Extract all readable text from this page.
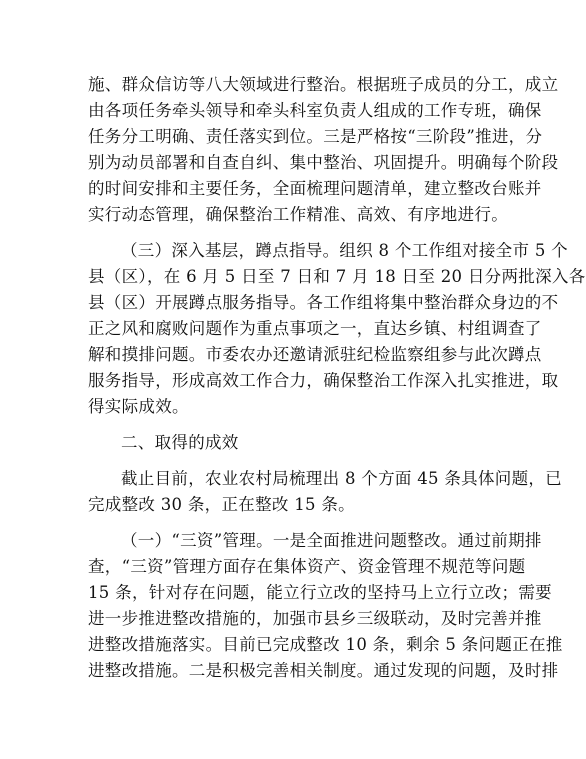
施、群众信访等八大领域进行整治。根据班子成员的分工，成立

由各项任务牵头领导和牵头科室负责人组成的工作专班，确保

任务分工明确、责任落实到位。三是严格按“三阶段”推进，分

别为动员部署和自查自纠、集中整治、巩固提升。明确每个阶段

的时间安排和主要任务，全面梳理问题清单，建立整改台账并

实行动态管理，确保整治工作精准、高效、有序地进行。

（三）深入基层，蹲点指导。组织 8 个工作组对接全市 5 个

县（区），在 6 月 5 日至 7 日和 7 月 18 日至 20 日分两批深入各

县（区）开展蹲点服务指导。各工作组将集中整治群众身边的不

正之风和腐败问题作为重点事项之一，直达乡镇、村组调查了

解和摸排问题。市委农办还邀请派驻纪检监察组参与此次蹲点

服务指导，形成高效工作合力，确保整治工作深入扎实推进，取

得实际成效。

二、取得的成效

截止目前，农业农村局梳理出 8 个方面 45 条具体问题，已

完成整改 30 条，正在整改 15 条。

（一）“三资”管理。一是全面推进问题整改。通过前期排

查，“三资”管理方面存在集体资产、资金管理不规范等问题

15 条，针对存在问题，能立行立改的坚持马上立行立改；需要

进一步推进整改措施的，加强市县乡三级联动，及时完善并推

进整改措施落实。目前已完成整改 10 条，剩余 5 条问题正在推

进整改措施。二是积极完善相关制度。通过发现的问题，及时排
